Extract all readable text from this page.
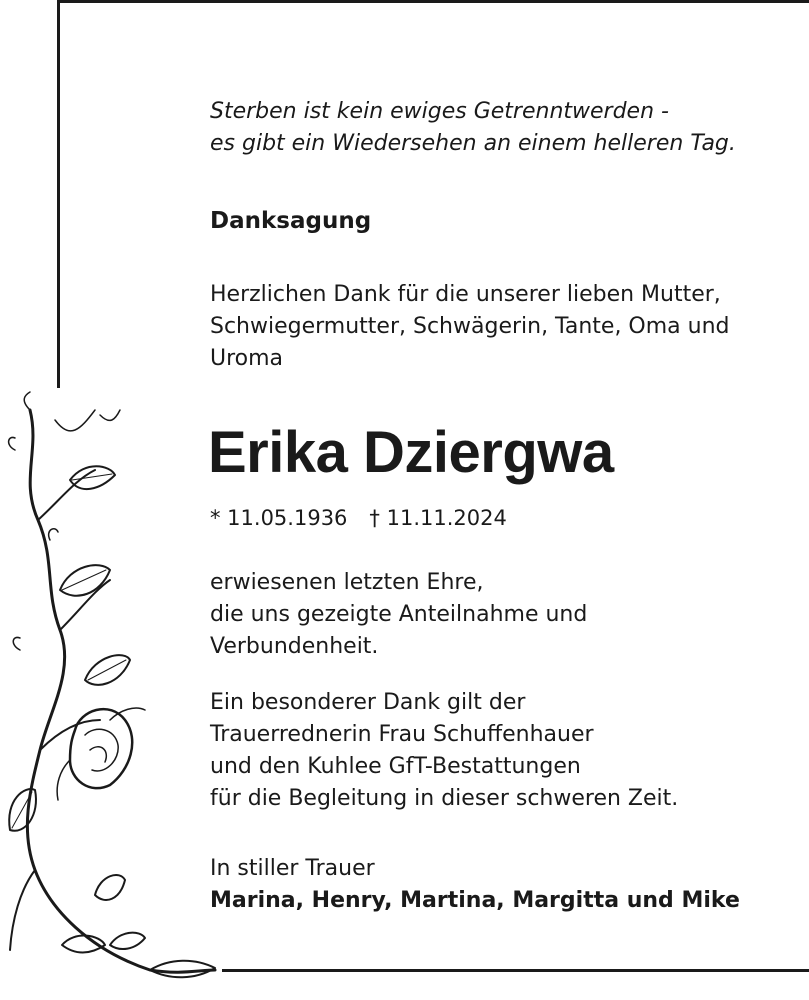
Sterben ist kein ewiges Getrenntwerden -
es gibt ein Wiedersehen an einem helleren Tag.
Danksagung
Herzlichen Dank für die unserer lieben Mutter,
Schwiegermutter, Schwägerin, Tante, Oma und
Uroma
Erika Dziergwa
* 11.05.1936 † 11.11.2024
erwiesenen letzten Ehre,
die uns gezeigte Anteilnahme und
Verbundenheit.
Ein besonderer Dank gilt der
Trauerrednerin Frau Schuffenhauer
und den Kuhlee GfT-Bestattungen
für die Begleitung in dieser schweren Zeit.
In stiller Trauer
Marina, Henry, Martina, Margitta und Mike
